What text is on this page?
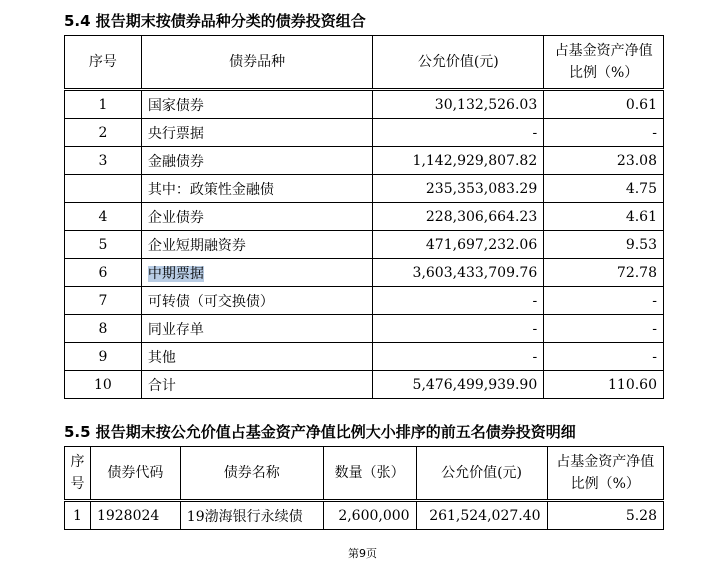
5.4 报告期末按债券品种分类的债券投资组合
序号	债券品种	公允价值(元)	占基金资产净值比例（%）
1	国家债券	30,132,526.03	0.61
2	央行票据	-	-
3	金融债券	1,142,929,807.82	23.08
	其中：政策性金融债	235,353,083.29	4.75
4	企业债券	228,306,664.23	4.61
5	企业短期融资券	471,697,232.06	9.53
6	中期票据	3,603,433,709.76	72.78
7	可转债（可交换债）	-	-
8	同业存单	-	-
9	其他	-	-
10	合计	5,476,499,939.90	110.60
5.5 报告期末按公允价值占基金资产净值比例大小排序的前五名债券投资明细
序号	债券代码	债券名称	数量（张）	公允价值(元)	占基金资产净值比例（%）
1	1928024	19渤海银行永续债	2,600,000	261,524,027.40	5.28
第9页
